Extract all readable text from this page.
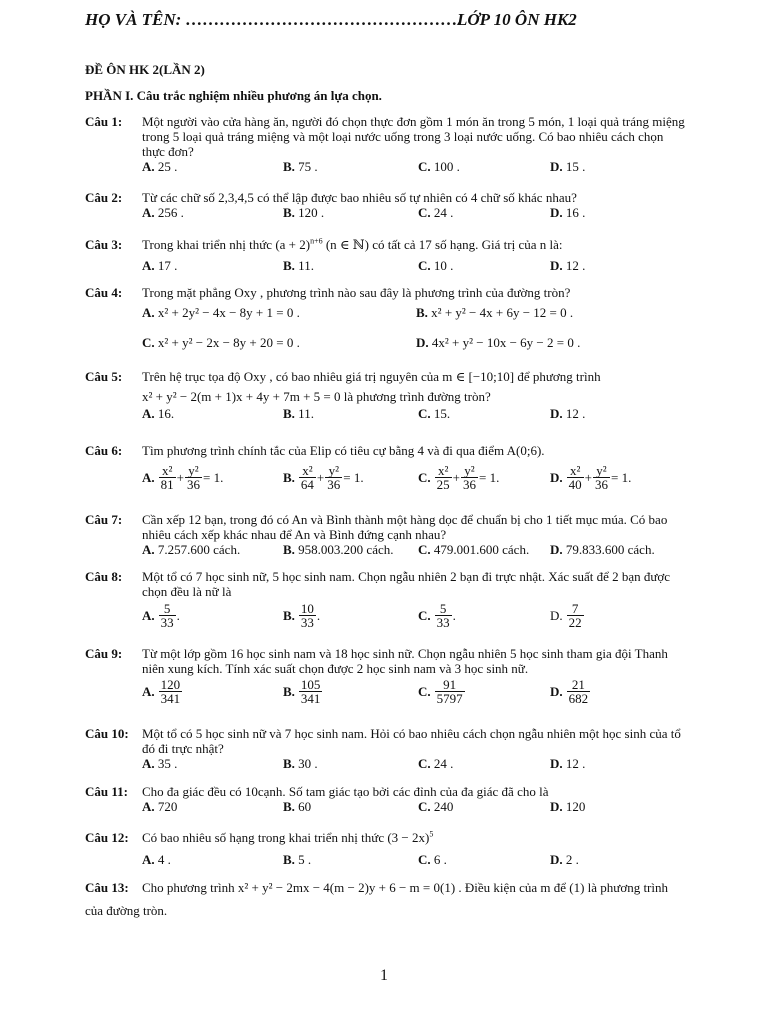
HỌ VÀ TÊN: ………………………………………….
LỚP 10 ÔN HK2
ĐỀ ÔN HK 2(LẦN 2)
PHẦN I. Câu trắc nghiệm nhiều phương án lựa chọn.
Câu 1:	Một người vào cửa hàng ăn, người đó chọn thực đơn gồm 1 món ăn trong 5 món, 1 loại quả tráng miệng trong 5 loại quả tráng miệng và một loại nước uống trong 3 loại nước uống. Có bao nhiêu cách chọn thực đơn?
A. 25 .	B. 75 .	C. 100 .	D. 15 .
Câu 2:	Từ các chữ số 2,3,4,5 có thể lập được bao nhiêu số tự nhiên có 4 chữ số khác nhau?
A. 256 .	B. 120 .	C. 24 .	D. 16 .
Câu 3:	Trong khai triển nhị thức $(a + 2)^{n+6}$ (n ∈ ℕ) có tất cả 17 số hạng. Giá trị của n là:
A. 17 .	B. 11.	C. 10 .	D. 12 .
Câu 4:	Trong mặt phẳng Oxy , phương trình nào sau đây là phương trình của đường tròn?
A. x² + 2y² − 4x − 8y + 1 = 0 .	B. x² + y² − 4x + 6y − 12 = 0 .
C. x² + y² − 2x − 8y + 20 = 0 .	D. 4x² + y² − 10x − 6y − 2 = 0 .
Câu 5:	Trên hệ trục tọa độ Oxy , có bao nhiêu giá trị nguyên của m ∈ [−10;10] để phương trình
x² + y² − 2(m + 1)x + 4y + 7m + 5 = 0 là phương trình đường tròn?
A. 16.	B. 11.	C. 15.	D. 12 .
Câu 6:	Tìm phương trình chính tắc của Elip có tiêu cự bằng 4 và đi qua điểm A(0;6).
A. $\frac{\text{x²}}{81} + \frac{\text{y²}}{36} = 1$.	B. $\frac{\text{x²}}{64} + \frac{\text{y²}}{36} = 1$.	C. $\frac{\text{x²}}{25} + \frac{\text{y²}}{36} = 1$.	D. $\frac{\text{x²}}{40} + \frac{\text{y²}}{36} = 1$.
Câu 7:	Cần xếp 12 bạn, trong đó có An và Bình thành một hàng dọc để chuẩn bị cho 1 tiết mục múa. Có bao nhiêu cách xếp khác nhau để An và Bình đứng cạnh nhau?
A. 7.257.600 cách.	B. 958.003.200 cách. C. 479.001.600 cách. D. 79.833.600 cách.
Câu 8:	Một tổ có 7 học sinh nữ, 5 học sinh nam. Chọn ngẫu nhiên 2 bạn đi trực nhật. Xác suất để 2 bạn được chọn đều là nữ là
A. $\frac{5}{33}$ .	B. $\frac{10}{33}$ .	C. $\frac{5}{33}$ .	D. $\frac{7}{22}$
Câu 9:	Từ một lớp gồm 16 học sinh nam và 18 học sinh nữ. Chọn ngẫu nhiên 5 học sinh tham gia đội Thanh niên xung kích. Tính xác suất chọn được 2 học sinh nam và 3 học sinh nữ.
A. $\frac{120}{341}$	B. $\frac{105}{341}$	C. $\frac{91}{5797}$	D. $\frac{21}{682}$
Câu 10:	Một tổ có 5 học sinh nữ và 7 học sinh nam. Hỏi có bao nhiêu cách chọn ngẫu nhiên một học sinh của tổ đó đi trực nhật?
A. 35 .	B. 30 .	C. 24 .	D. 12 .
Câu 11:	Cho đa giác đều có 10cạnh. Số tam giác tạo bởi các đỉnh của đa giác đã cho là
A. 720	B. 60	C. 240	D. 120
Câu 12:	Có bao nhiêu số hạng trong khai triển nhị thức $(3 - 2x)^5$
A. 4 .	B. 5 .	C. 6 .	D. 2 .
Câu 13:	Cho phương trình x² + y² − 2mx − 4(m − 2)y + 6 − m = 0(1) . Điều kiện của m để (1) là phương trình của đường tròn.
1
